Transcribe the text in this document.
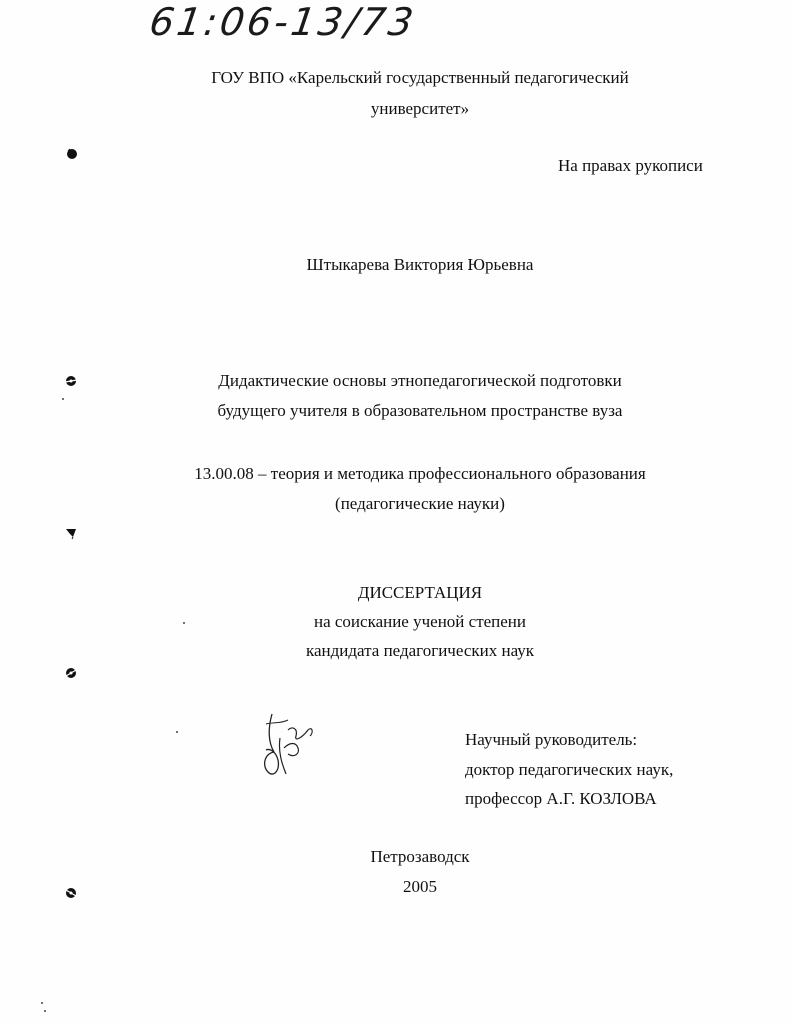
61:06-13/73
ГОУ ВПО «Карельский государственный педагогический
университет»
На правах рукописи
Штыкарева Виктория Юрьевна
Дидактические основы этнопедагогической подготовки
будущего учителя в образовательном пространстве вуза
13.00.08 – теория и методика профессионального образования
(педагогические науки)
ДИССЕРТАЦИЯ
на соискание ученой степени
кандидата педагогических наук
Научный руководитель:
доктор педагогических наук,
профессор А.Г. КОЗЛОВА
Петрозаводск
2005
